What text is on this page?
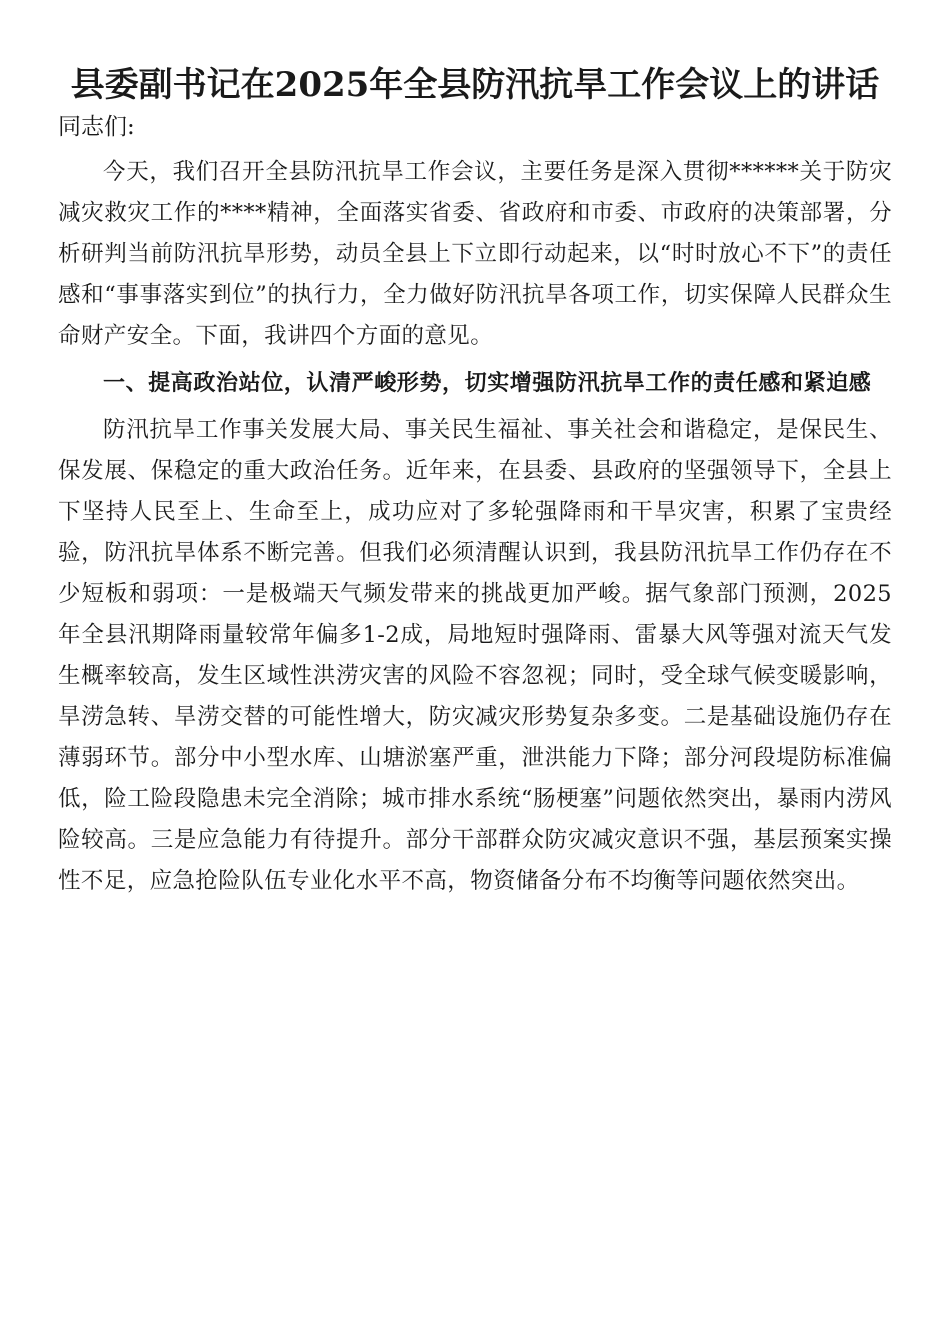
县委副书记在2025年全县防汛抗旱工作会议上的讲话

同志们:

今天，我们召开全县防汛抗旱工作会议，主要任务是深入贯彻******关于防灾减灾救灾工作的****精神，全面落实省委、省政府和市委、市政府的决策部署，分析研判当前防汛抗旱形势，动员全县上下立即行动起来，以“时时放心不下”的责任感和“事事落实到位”的执行力，全力做好防汛抗旱各项工作，切实保障人民群众生命财产安全。下面，我讲四个方面的意见。

一、提高政治站位，认清严峻形势，切实增强防汛抗旱工作的责任感和紧迫感

防汛抗旱工作事关发展大局、事关民生福祉、事关社会和谐稳定，是保民生、保发展、保稳定的重大政治任务。近年来，在县委、县政府的坚强领导下，全县上下坚持人民至上、生命至上，成功应对了多轮强降雨和干旱灾害，积累了宝贵经验，防汛抗旱体系不断完善。但我们必须清醒认识到，我县防汛抗旱工作仍存在不少短板和弱项：一是极端天气频发带来的挑战更加严峻。据气象部门预测，2025年全县汛期降雨量较常年偏多1-2成，局地短时强降雨、雷暴大风等强对流天气发生概率较高，发生区域性洪涝灾害的风险不容忽视；同时，受全球气候变暖影响，旱涝急转、旱涝交替的可能性增大，防灾减灾形势复杂多变。二是基础设施仍存在薄弱环节。部分中小型水库、山塘淤塞严重，泄洪能力下降；部分河段堤防标准偏低，险工险段隐患未完全消除；城市排水系统“肠梗塞”问题依然突出，暴雨内涝风险较高。三是应急能力有待提升。部分干部群众防灾减灾意识不强，基层预案实操性不足，应急抢险队伍专业化水平不高，物资储备分布不均衡等问题依然突出。
